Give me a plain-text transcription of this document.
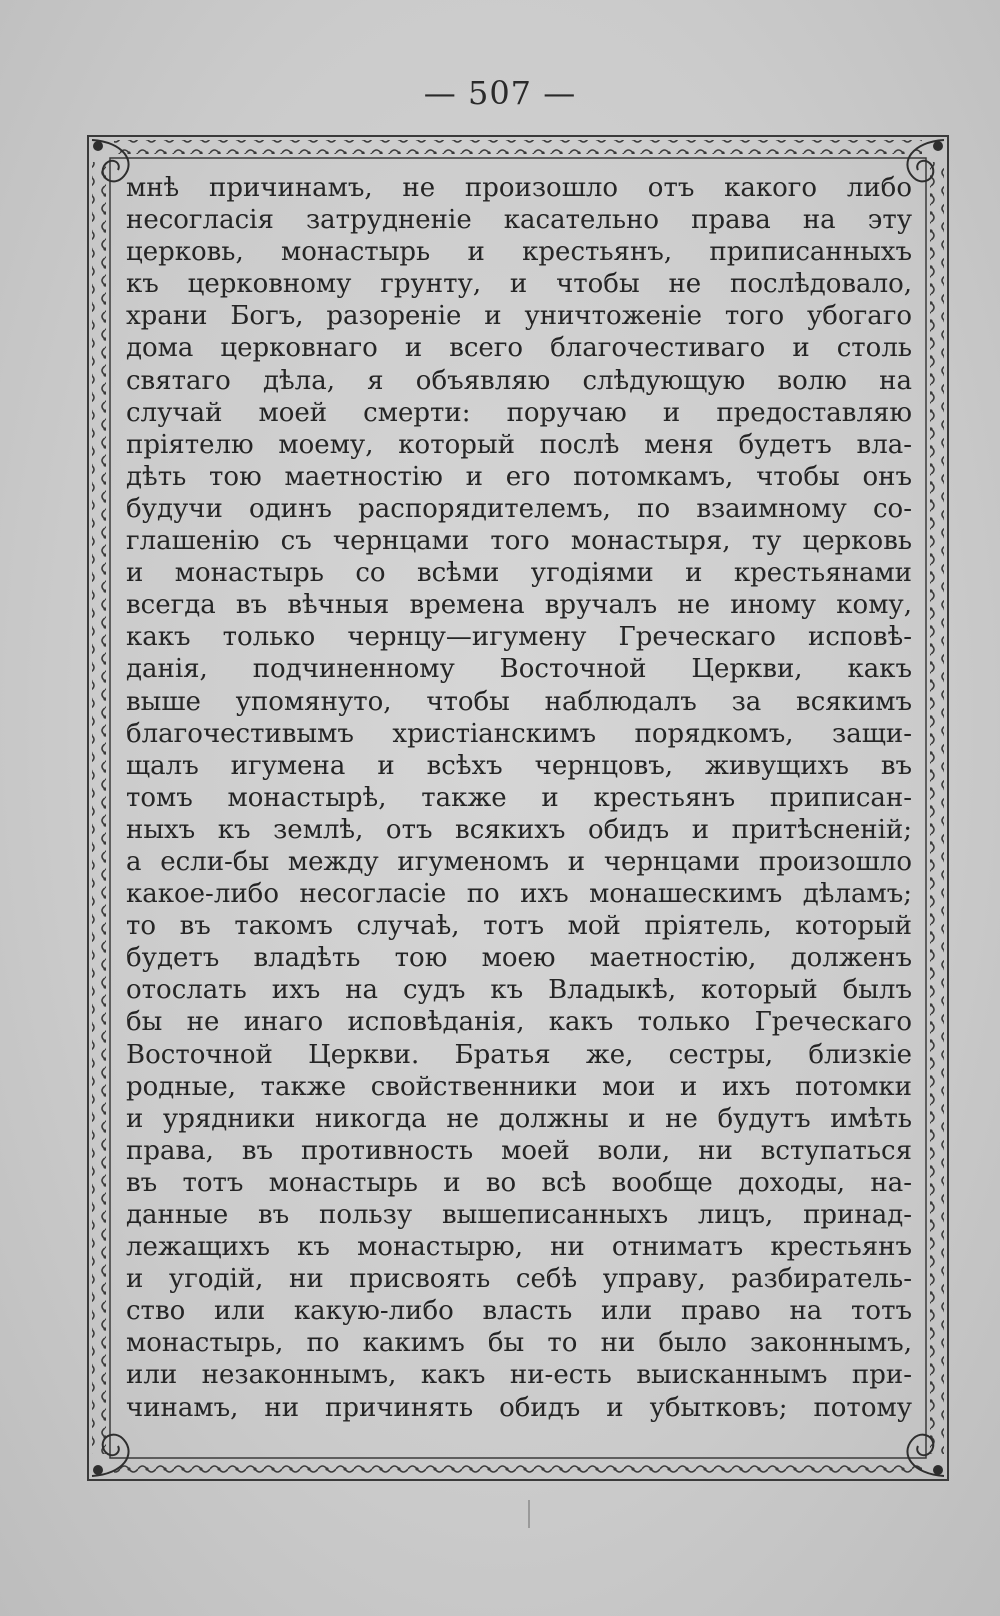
— 507 —
мнѣ причинамъ, не произошло отъ какого либо
несогласія затрудненіе касательно права на эту
церковь, монастырь и крестьянъ, приписанныхъ
къ церковному грунту, и чтобы не послѣдовало,
храни Богъ, разореніе и уничтоженіе того убогаго
дома церковнаго и всего благочестиваго и столь
святаго дѣла, я объявляю слѣдующую волю на
случай моей смерти: поручаю и предоставляю
пріятелю моему, который послѣ меня будетъ вла-
дѣть тою маетностію и его потомкамъ, чтобы онъ
будучи одинъ распорядителемъ, по взаимному со-
глашенію съ чернцами того монастыря, ту церковь
и монастырь со всѣми угодіями и крестьянами
всегда въ вѣчныя времена вручалъ не иному кому,
какъ только чернцу—игумену Греческаго исповѣ-
данія, подчиненному Восточной Церкви, какъ
выше упомянуто, чтобы наблюдалъ за всякимъ
благочестивымъ христіанскимъ порядкомъ, защи-
щалъ игумена и всѣхъ чернцовъ, живущихъ въ
томъ монастырѣ, также и крестьянъ приписан-
ныхъ къ землѣ, отъ всякихъ обидъ и притѣсненій;
а если-бы между игуменомъ и чернцами произошло
какое-либо несогласіе по ихъ монашескимъ дѣламъ;
то въ такомъ случаѣ, тотъ мой пріятель, который
будетъ владѣть тою моею маетностію, долженъ
отослать ихъ на судъ къ Владыкѣ, который былъ
бы не инаго исповѣданія, какъ только Греческаго
Восточной Церкви. Братья же, сестры, близкіе
родные, также свойственники мои и ихъ потомки
и урядники никогда не должны и не будутъ имѣть
права, въ противность моей воли, ни вступаться
въ тотъ монастырь и во всѣ вообще доходы, на-
данные въ пользу вышеписанныхъ лицъ, принад-
лежащихъ къ монастырю, ни отниматъ крестьянъ
и угодій, ни присвоять себѣ управу, разбиратель-
ство или какую-либо власть или право на тотъ
монастырь, по какимъ бы то ни было законнымъ,
или незаконнымъ, какъ ни-есть выисканнымъ при-
чинамъ, ни причинять обидъ и убытковъ; потому
